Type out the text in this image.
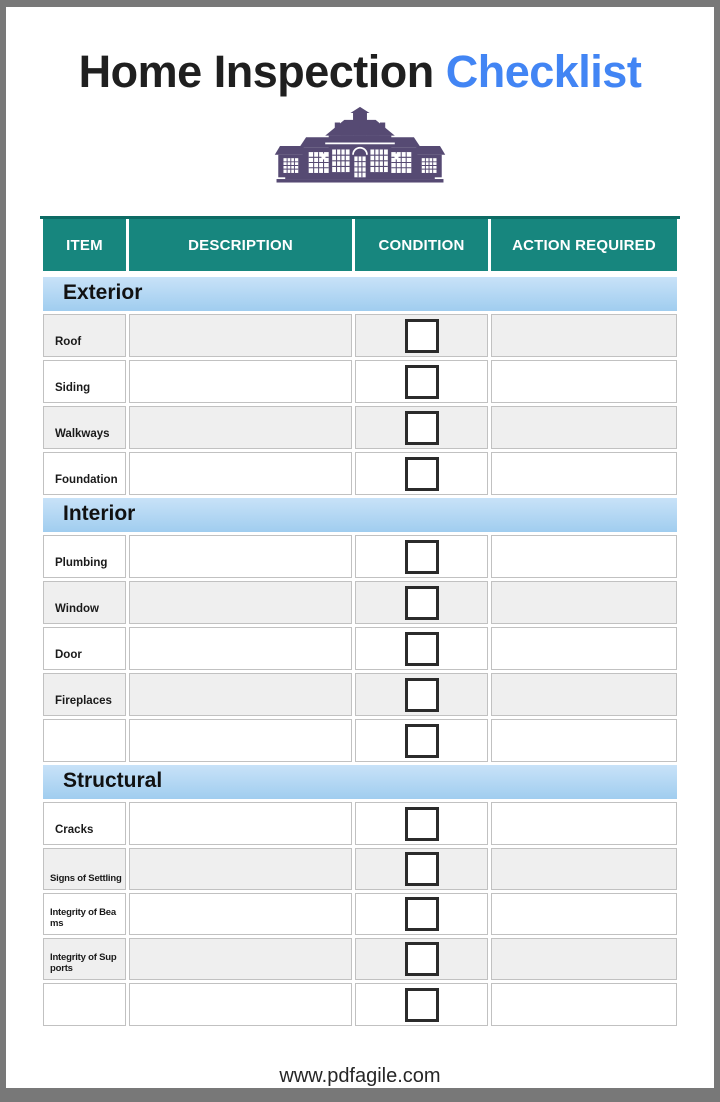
Home Inspection Checklist
ITEM	DESCRIPTION	CONDITION	ACTION REQUIRED
Exterior			
Roof			
Siding			
Walkways			
Foundation			
Interior			
Plumbing			
Window			
Door			
Fireplaces			

Structural			
Cracks			
Signs of Settling			
Integrity of Beams			
Integrity of Supports			

www.pdfagile.com
